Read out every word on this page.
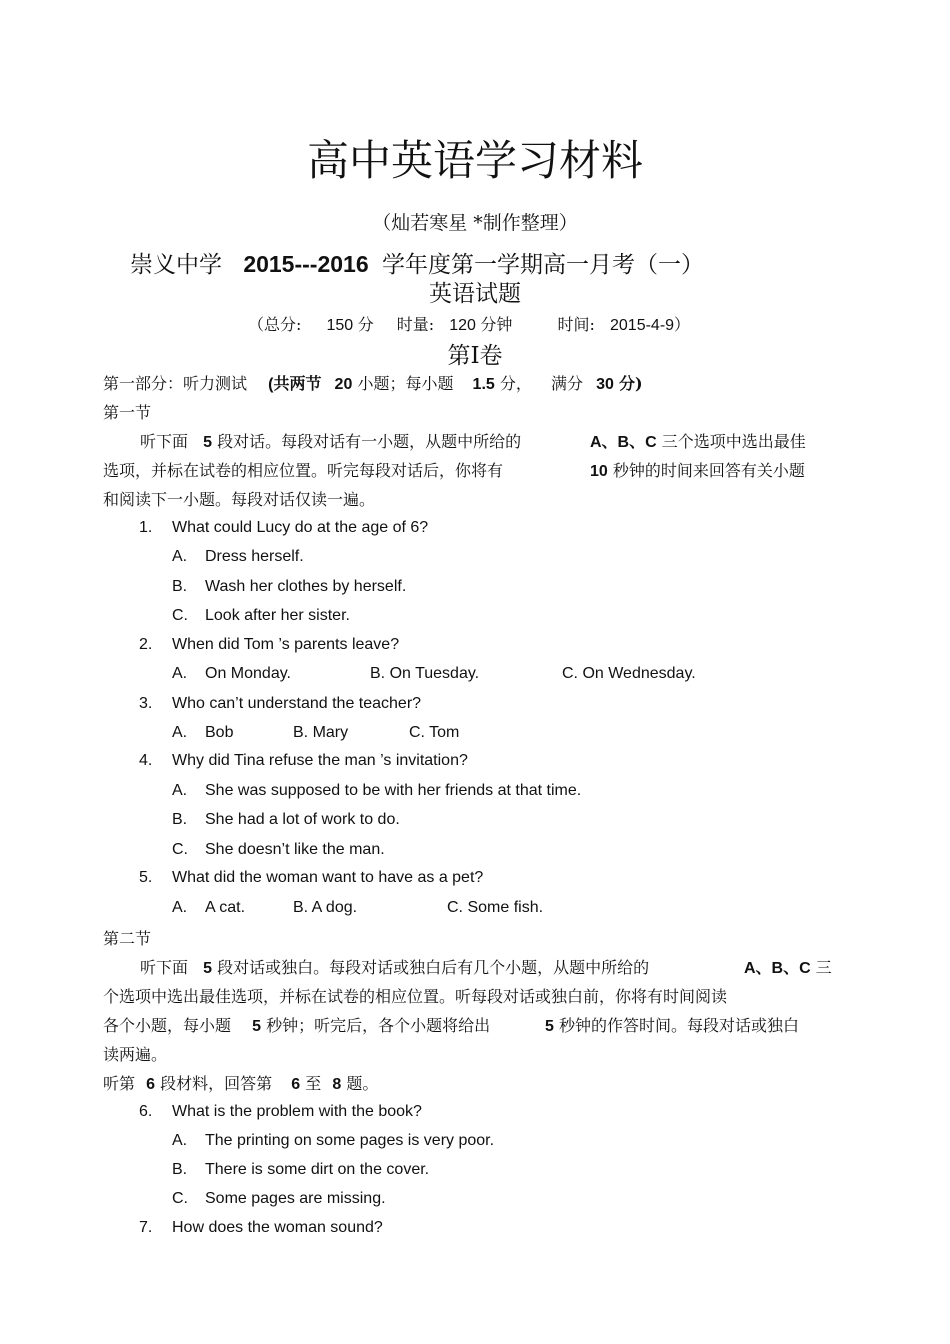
高中英语学习材料
（灿若寒星 *制作整理）
崇义中学 2015---2016 学年度第一学期高一月考（一）
英语试题
（总分: 150 分 时量: 120 分钟	时间: 2015-4-9）
第Ⅰ卷
第一部分：听力测试 (共两节 20 小题；每小题 1.5 分， 满分 30 分)
第一节
听下面 5 段对话。每段对话有一小题，从题中所给的	A、B、C 三个选项中选出最佳
选项，并标在试卷的相应位置。听完每段对话后，你将有	10 秒钟的时间来回答有关小题
和阅读下一小题。每段对话仅读一遍。
1. What could Lucy do at the age of 6?
A. Dress herself.
B. Wash her clothes by herself.
C. Look after her sister.
2. When did Tom ’s parents leave?
A. On Monday.	B. On Tuesday.	C. On Wednesday.
3. Who can’t understand the teacher?
A. Bob	B. Mary	C. Tom
4. Why did Tina refuse the man ’s invitation?
A. She was supposed to be with her friends at that time.
B. She had a lot of work to do.
C. She doesn’t like the man.
5. What did the woman want to have as a pet?
A. A cat.	B. A dog.	C. Some fish.
第二节
听下面 5 段对话或独白。每段对话或独白后有几个小题，从题中所给的	A、B、C 三
个选项中选出最佳选项，并标在试卷的相应位置。听每段对话或独白前，你将有时间阅读
各个小题，每小题 5 秒钟；听完后，各个小题将给出	5 秒钟的作答时间。每段对话或独白
读两遍。
听第 6 段材料，回答第 6 至 8 题。
6. What is the problem with the book?
A. The printing on some pages is very poor.
B. There is some dirt on the cover.
C. Some pages are missing.
7. How does the woman sound?
